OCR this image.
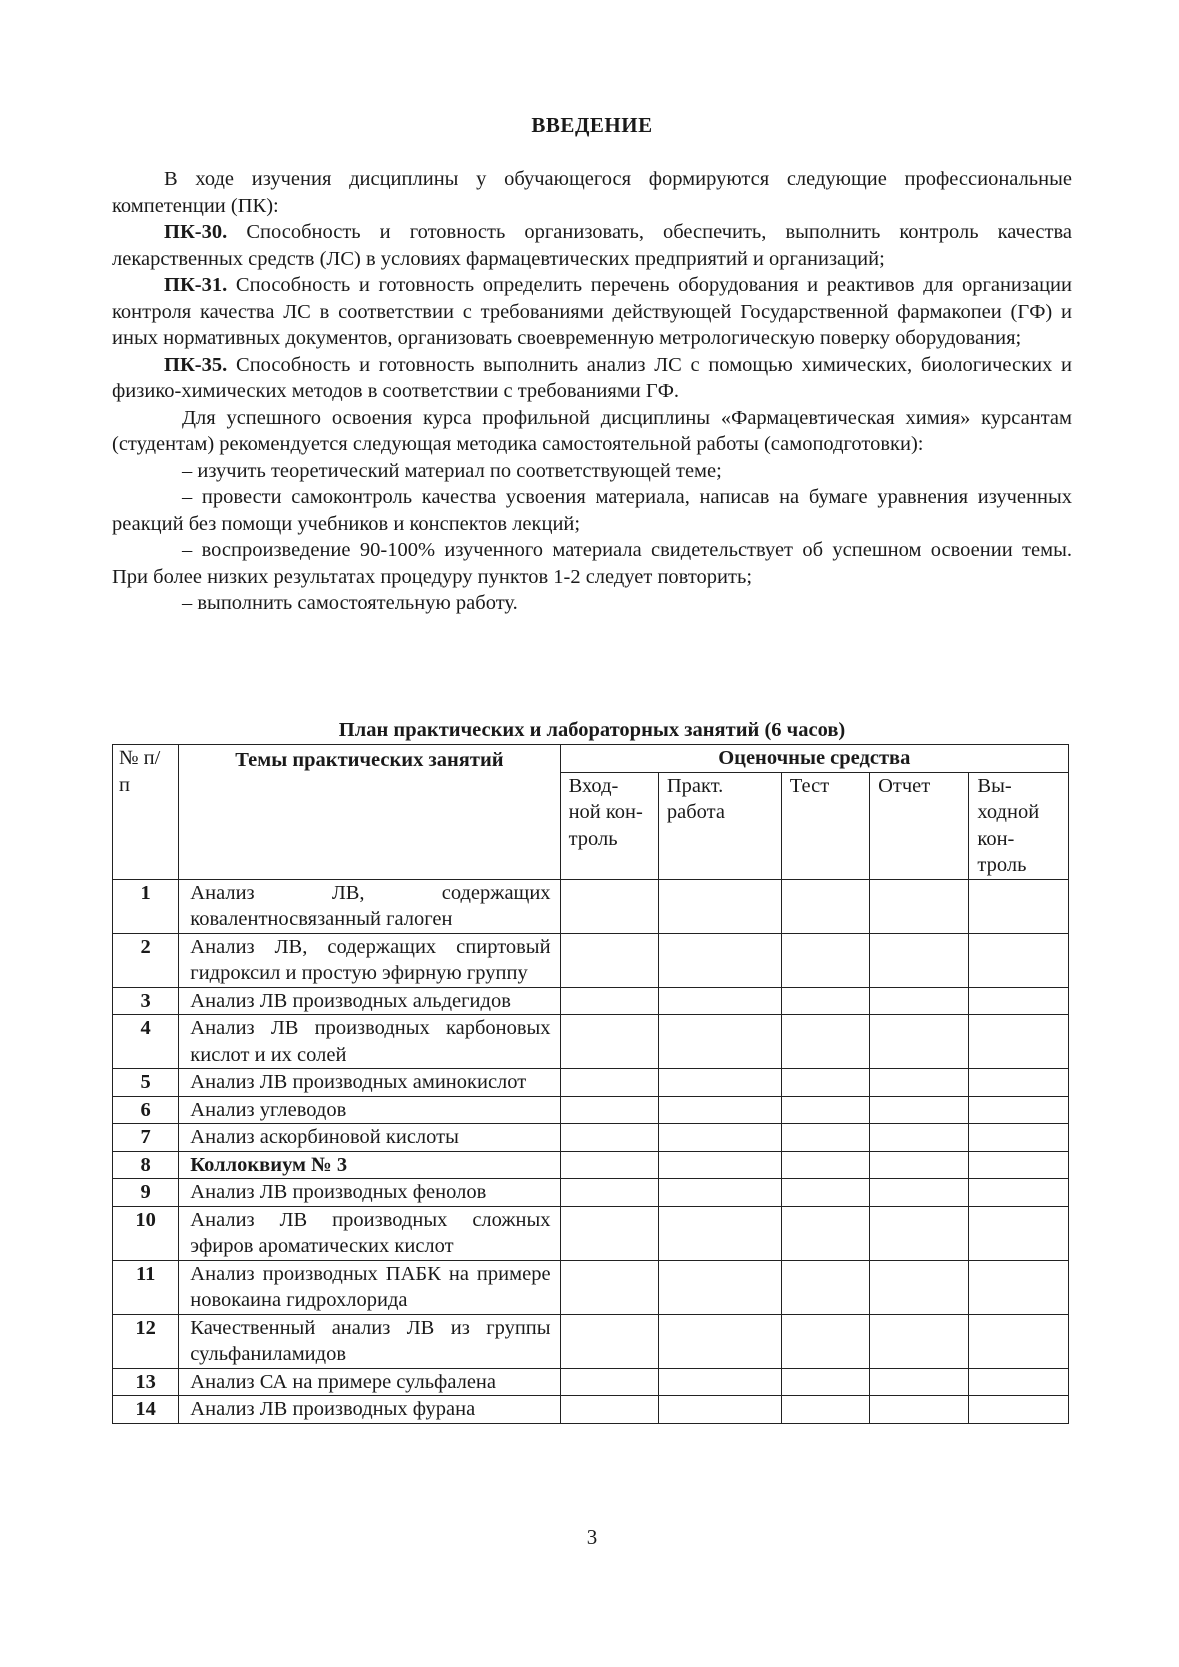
ВВЕДЕНИЕ

В ходе изучения дисциплины у обучающегося формируются следующие профессиональные компетенции (ПК):

ПК-30. Способность и готовность организовать, обеспечить, выполнить контроль качества лекарственных средств (ЛС) в условиях фармацевтических предприятий и организаций;

ПК-31. Способность и готовность определить перечень оборудования и реактивов для организации контроля качества ЛС в соответствии с требованиями действующей Государственной фармакопеи (ГФ) и иных нормативных документов, организовать своевременную метрологическую поверку оборудования;

ПК-35. Способность и готовность выполнить анализ ЛС с помощью химических, биологических и физико-химических методов в соответствии с требованиями ГФ.

Для успешного освоения курса профильной дисциплины «Фармацевтическая химия» курсантам (студентам) рекомендуется следующая методика самостоятельной работы (самоподготовки):

– изучить теоретический материал по соответствующей теме;

– провести самоконтроль качества усвоения материала, написав на бумаге уравнения изученных реакций без помощи учебников и конспектов лекций;

– воспроизведение 90-100% изученного материала свидетельствует об успешном освоении темы. При более низких результатах процедуру пунктов 1-2 следует повторить;

– выполнить самостоятельную работу.

План практических и лабораторных занятий (6 часов)
№ п/п	Темы практических занятий	Оценочные средства				
		Вход-ной кон-троль	Практ. работа	Тест	Отчет	Вы-ходной кон-троль
1	Анализ ЛВ, содержащих ковалентносвязанный галоген					
2	Анализ ЛВ, содержащих спиртовый гидроксил и простую эфирную группу					
3	Анализ ЛВ производных альдегидов					
4	Анализ ЛВ производных карбоновых кислот и их солей					
5	Анализ ЛВ производных аминокислот					
6	Анализ углеводов					
7	Анализ аскорбиновой кислоты					
8	Коллоквиум № 3					
9	Анализ ЛВ производных фенолов					
10	Анализ ЛВ производных сложных эфиров ароматических кислот					
11	Анализ производных ПАБК на примере новокаина гидрохлорида					
12	Качественный анализ ЛВ из группы сульфаниламидов					
13	Анализ СА на примере сульфалена					
14	Анализ ЛВ производных фурана					
3
